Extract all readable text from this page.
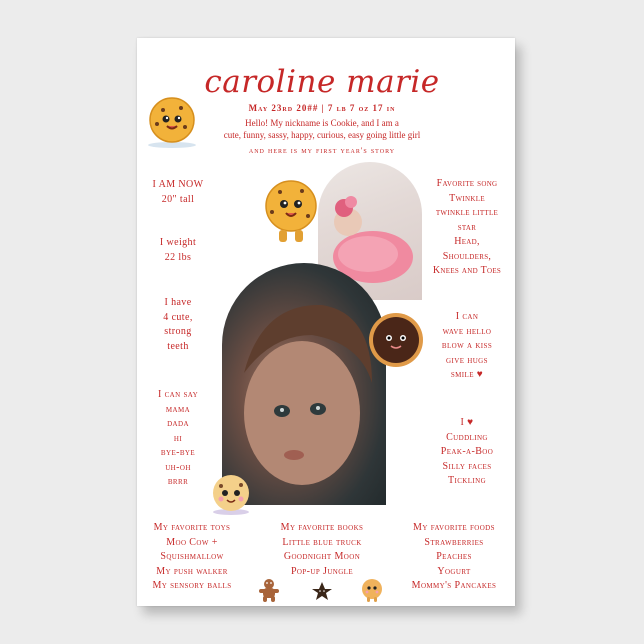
caroline marie
May 23rd 20## | 7 lb 7 oz 17 in
Hello! My nickname is Cookie, and I am a
cute, funny, sassy, happy, curious, easy going little girl
and here is my first year's story
I AM NOW
20" tall
I weight
22 lbs
I have
4 cute,
strong
teeth
I can say
mama
dada
hi
bye-bye
uh-oh
brrr
Favorite song
Twinkle
twinkle little
star
Head,
Shoulders,
Knees and Toes
I can
wave hello
blow a kiss
give hugs
smile ♥
I ♥
Cuddling
Peak-a-Boo
Silly faces
Tickling
My favorite toys
Moo Cow +
Squishmallow
My push walker
My sensory balls
My favorite books
Little blue truck
Goodnight Moon
Pop-up Jungle
My favorite foods
Strawberries
Peaches
Yogurt
Mommy's Pancakes
